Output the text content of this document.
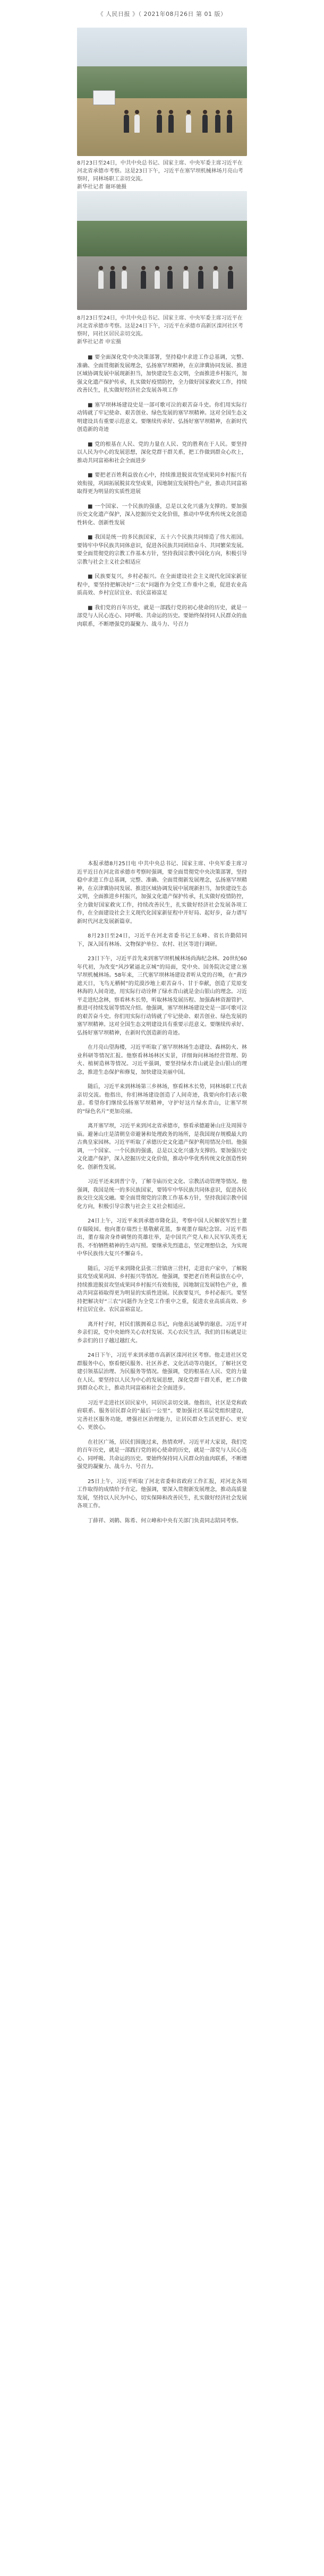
《 人民日报 》（ 2021年08月26日 第 01 版）

8月23日至24日，中共中央总书记、国家主席、中央军委主席习近平在河北省承德市考察。这是23日下午，习近平在塞罕坝机械林场月亮山考察时，同林场职工亲切交流。

新华社记者 谢环驰摄

8月23日至24日，中共中央总书记、国家主席、中央军委主席习近平在河北省承德市考察。这是24日下午，习近平在承德市高新区滦河社区考察时，同社区居民亲切交流。

新华社记者 申宏摄

■ 要全面深化党中央决策部署，坚持稳中求进工作总基调，完整、准确、全面贯彻新发展理念，弘扬塞罕坝精神，在京津冀协同发展、推进区域协调发展中展现新担当，加快建设生态文明，全面推进乡村振兴，加强文化遗产保护传承，扎实做好疫情防控，全力做好国家救灾工作，持续改善民生，扎实做好经济社会发展各项工作

■ 塞罕坝林场建设史是一部可歌可泣的艰苦奋斗史。你们用实际行动铸就了牢记使命、艰苦创业、绿色发展的塞罕坝精神。这对全国生态文明建设具有重要示范意义。要继续传承好、弘扬好塞罕坝精神，在新时代创造新的奇迹

■ 党的根基在人民、党的力量在人民、党的胜利在于人民。要坚持以人民为中心的发展思想，深化党群干群关系，把工作做到群众心坎上，推动共同富裕和社会全面进步

■ 要把老百姓利益放在心中，持续推进脱贫攻坚成果同乡村振兴有效衔接，巩固拓展脱贫攻坚成果，因地制宜发展特色产业，推动共同富裕取得更为明显的实质性进展

■ 一个国家、一个民族的强盛，总是以文化兴盛为支撑的。要加强历史文化遗产保护，深入挖掘历史文化价值，推动中华优秀传统文化创造性转化、创新性发展

■ 我国是统一的多民族国家，五十六个民族共同缔造了伟大祖国。要铸牢中华民族共同体意识，促进各民族共同团结奋斗、共同繁荣发展。要全面贯彻党的宗教工作基本方针，坚持我国宗教中国化方向，积极引导宗教与社会主义社会相适应

■ 民族要复兴，乡村必振兴。在全面建设社会主义现代化国家新征程中，要坚持把解决好“三农”问题作为全党工作重中之重，促进农业高质高效、乡村宜居宜业、农民富裕富足

■ 我们党的百年历史，就是一部践行党的初心使命的历史，就是一部党与人民心连心、同呼吸、共命运的历史。要始终保持同人民群众的血肉联系，不断增强党的凝聚力、战斗力、号召力

本报承德8月25日电 中共中央总书记、国家主席、中央军委主席习近平近日在河北省承德市考察时强调，要全面贯彻党中央决策部署，坚持稳中求进工作总基调，完整、准确、全面贯彻新发展理念，弘扬塞罕坝精神，在京津冀协同发展、推进区域协调发展中展现新担当，加快建设生态文明，全面推进乡村振兴，加强文化遗产保护传承，扎实做好疫情防控，全力做好国家救灾工作，持续改善民生，扎实做好经济社会发展各项工作，在全面建设社会主义现代化国家新征程中开好局、起好步，奋力谱写新时代河北发展新篇章。

8月23日至24日，习近平在河北省委书记王东峰、省长许勤陪同下，深入国有林场、文物保护单位、农村、社区等进行调研。

23日下午，习近平首先来到塞罕坝机械林场尚海纪念林。20世纪60年代初，为改变“风沙紧逼北京城”的局面，党中央、国务院决定建立塞罕坝机械林场。58年来，三代塞罕坝林场建设者听从党的召唤，在“黄沙遮天日，飞鸟无栖树”的荒漠沙地上艰苦奋斗、甘于奉献，创造了荒原变林海的人间奇迹，用实际行动诠释了绿水青山就是金山银山的理念。习近平走进纪念林，察看林木长势，听取林场发展历程、加强森林资源管护、推进可持续发展等情况介绍。他强调，塞罕坝林场建设史是一部可歌可泣的艰苦奋斗史。你们用实际行动铸就了牢记使命、艰苦创业、绿色发展的塞罕坝精神。这对全国生态文明建设具有重要示范意义。要继续传承好、弘扬好塞罕坝精神，在新时代创造新的奇迹。

在月亮山望海楼，习近平听取了塞罕坝林场生态建设、森林防火、林业科研等情况汇报。他察看林场林区实景，详细询问林场经营管理、防火、植树造林等情况。习近平强调，要坚持绿水青山就是金山银山的理念，推进生态保护和修复，加快建设美丽中国。

随后，习近平来到林场第三乡林场，察看林木长势，同林场职工代表亲切交流。他指出，你们林场建设创造了人间奇迹，我要向你们表示敬意。希望你们继续弘扬塞罕坝精神，守护好这片绿水青山，让塞罕坝的“绿色名片”更加亮丽。

离开塞罕坝，习近平来到河北省承德市，察看承德避暑山庄及周围寺庙。避暑山庄是清朝皇帝避暑和处理政务的场所，是我国现存规模最大的古典皇家园林。习近平听取了承德历史文化遗产保护利用情况介绍。他强调，一个国家、一个民族的强盛，总是以文化兴盛为支撑的。要加强历史文化遗产保护，深入挖掘历史文化价值，推动中华优秀传统文化创造性转化、创新性发展。

习近平还来到普宁寺，了解寺庙历史文化、宗教活动管理等情况。他强调，我国是统一的多民族国家，要铸牢中华民族共同体意识，促进各民族交往交流交融。要全面贯彻党的宗教工作基本方针，坚持我国宗教中国化方向，积极引导宗教与社会主义社会相适应。

24日上午，习近平来到承德市隆化县，考察中国人民解放军烈士董存瑞陵园。他向董存瑞烈士墓敬献花篮，参观董存瑞纪念馆。习近平指出，董存瑞舍身炸碉堡的英雄壮举，是中国共产党人和人民军队英勇无畏、不怕牺牲精神的生动写照。要继承先烈遗志，坚定理想信念，为实现中华民族伟大复兴不懈奋斗。

随后，习近平来到隆化县张三营镇唐三营村，走进农户家中，了解脱贫攻坚成果巩固、乡村振兴等情况。他强调，要把老百姓利益放在心中，持续推进脱贫攻坚成果同乡村振兴有效衔接，因地制宜发展特色产业，推动共同富裕取得更为明显的实质性进展。民族要复兴，乡村必振兴。要坚持把解决好“三农”问题作为全党工作重中之重，促进农业高质高效、乡村宜居宜业、农民富裕富足。

离开村子时，村民们簇拥着总书记，向他表达诚挚的谢意。习近平对乡亲们说，党中央始终关心农村发展、关心农民生活，我们的目标就是让乡亲们的日子越过越红火。

24日下午，习近平来到承德市高新区滦河社区考察。他走进社区党群服务中心，察看便民服务、社区养老、文化活动等功能区，了解社区党建引领基层治理、为民服务等情况。他强调，党的根基在人民、党的力量在人民。要坚持以人民为中心的发展思想，深化党群干群关系，把工作做到群众心坎上，推动共同富裕和社会全面进步。

习近平走进社区居民家中，同居民亲切交谈。他指出，社区是党和政府联系、服务居民群众的“最后一公里”。要加强社区基层党组织建设，完善社区服务功能，增强社区治理能力，让居民群众生活更舒心、更安心、更放心。

在社区广场，居民们围拢过来，热情欢呼。习近平对大家说，我们党的百年历史，就是一部践行党的初心使命的历史，就是一部党与人民心连心、同呼吸、共命运的历史。要始终保持同人民群众的血肉联系，不断增强党的凝聚力、战斗力、号召力。

25日上午，习近平听取了河北省委和省政府工作汇报，对河北各项工作取得的成绩给予肯定。他强调，要深入贯彻新发展理念，推动高质量发展，坚持以人民为中心，切实保障和改善民生，扎实做好经济社会发展各项工作。

丁薛祥、刘鹤、陈希、何立峰和中央有关部门负责同志陪同考察。
